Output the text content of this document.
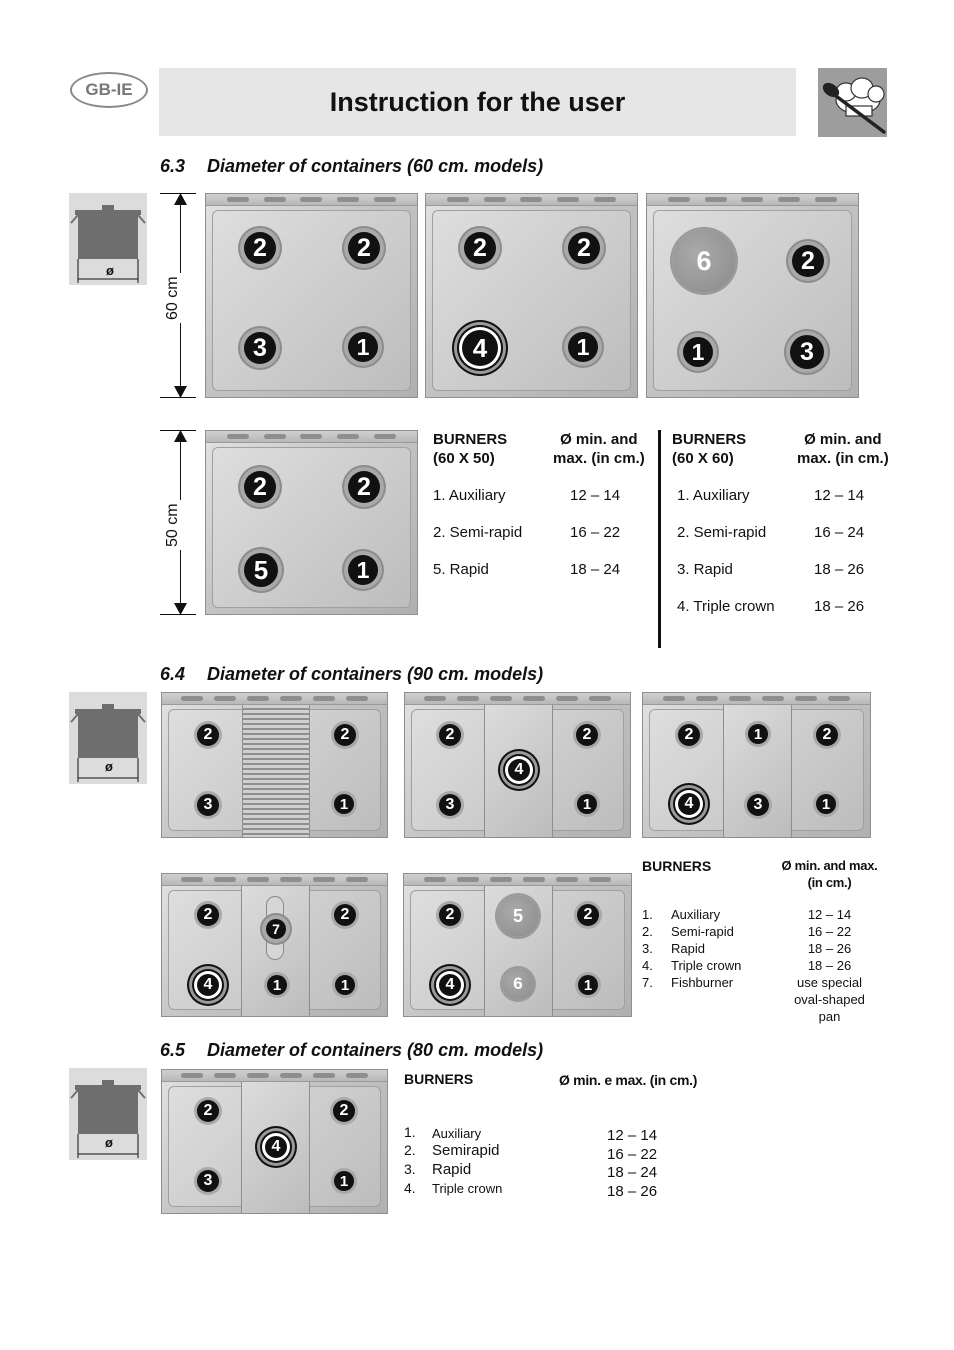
GB-IE	Instruction for the user
6.3 Diameter of containers (60 cm. models)
ø
60 cm
2	2
3	1
2	2
4	1
6	2
1	3
50 cm
2	2
5	1
BURNERS
(60 X 50)
Ø min. and
max. (in cm.)
1. Auxiliary	12 – 14
2. Semi-rapid	16 – 22
5. Rapid	18 – 24
BURNERS
(60 X 60)
Ø min. and
max. (in cm.)
1. Auxiliary	12 – 14
2. Semi-rapid	16 – 24
3. Rapid	18 – 26
4. Triple crown	18 – 26
6.4 Diameter of containers (90 cm. models)
ø
2	2
3	1
2
4
2
3	1
2	1	2
4	3	1
2
7
2
4	1	1
2	5	2
4	6	1
BURNERS	Ø min. and max.
(in cm.)
1. Auxiliary	12 – 14
2. Semi-rapid	16 – 22
3. Rapid	18 – 26
4. Triple crown	18 – 26
7. Fishburner	use special
oval-shaped
pan
6.5 Diameter of containers (80 cm. models)
ø
2
4
2
3	1
BURNERS	Ø min. e max. (in cm.)
1. Auxiliary	12 – 14
2. Semirapid	16 – 22
3. Rapid	18 – 24
4. Triple crown	18 – 26
